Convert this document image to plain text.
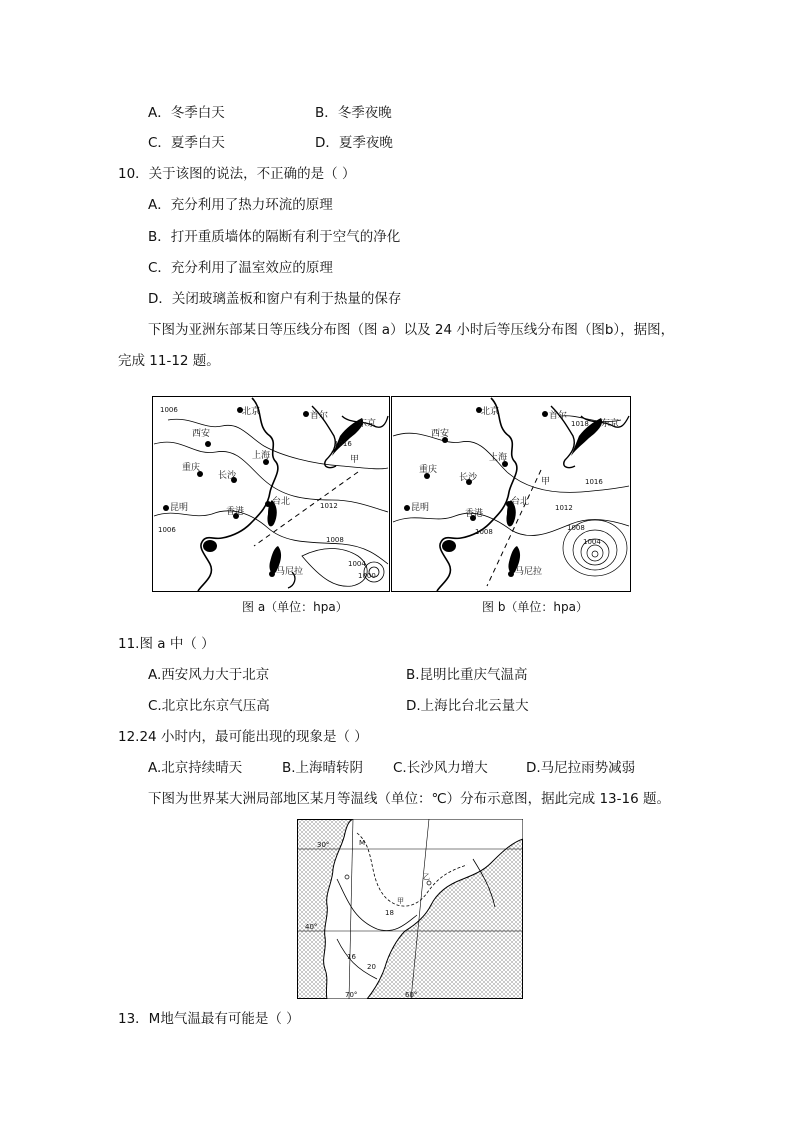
A．冬季白天	B．冬季夜晚
C．夏季白天	D．夏季夜晚
10．关于该图的说法，不正确的是（ ）
A．充分利用了热力环流的原理
B．打开重质墙体的隔断有利于空气的净化
C．充分利用了温室效应的原理
D．关闭玻璃盖板和窗户有利于热量的保存
下图为亚洲东部某日等压线分布图（图 a）以及 24 小时后等压线分布图（图b），据图，
完成 11-12 题。
北京	首尔
东京
西安
上海
重庆
长沙
台北
昆明	香港
马尼拉
1006
1016
1012
1008
1004
1000
1006
甲
图 a（单位：hpa）
北京	首尔
东京
西安
上海
重庆
长沙
台北
昆明
香港
马尼拉
1018
1016
1012
1008
1004
1008
甲
图 b（单位：hpa）
11.图 a 中（ ）
A.西安风力大于北京	B.昆明比重庆气温高
C.北京比东京气压高	D.上海比台北云量大
12.24 小时内，最可能出现的现象是（ ）
A.北京持续晴天	B.上海晴转阴 C.长沙风力增大	D.马尼拉雨势减弱
下图为世界某大洲局部地区某月等温线（单位：℃）分布示意图，据此完成 13-16 题。
M
30°
40°
70°	60°
甲
乙
16
20
18
13．M地气温最有可能是（ ）
